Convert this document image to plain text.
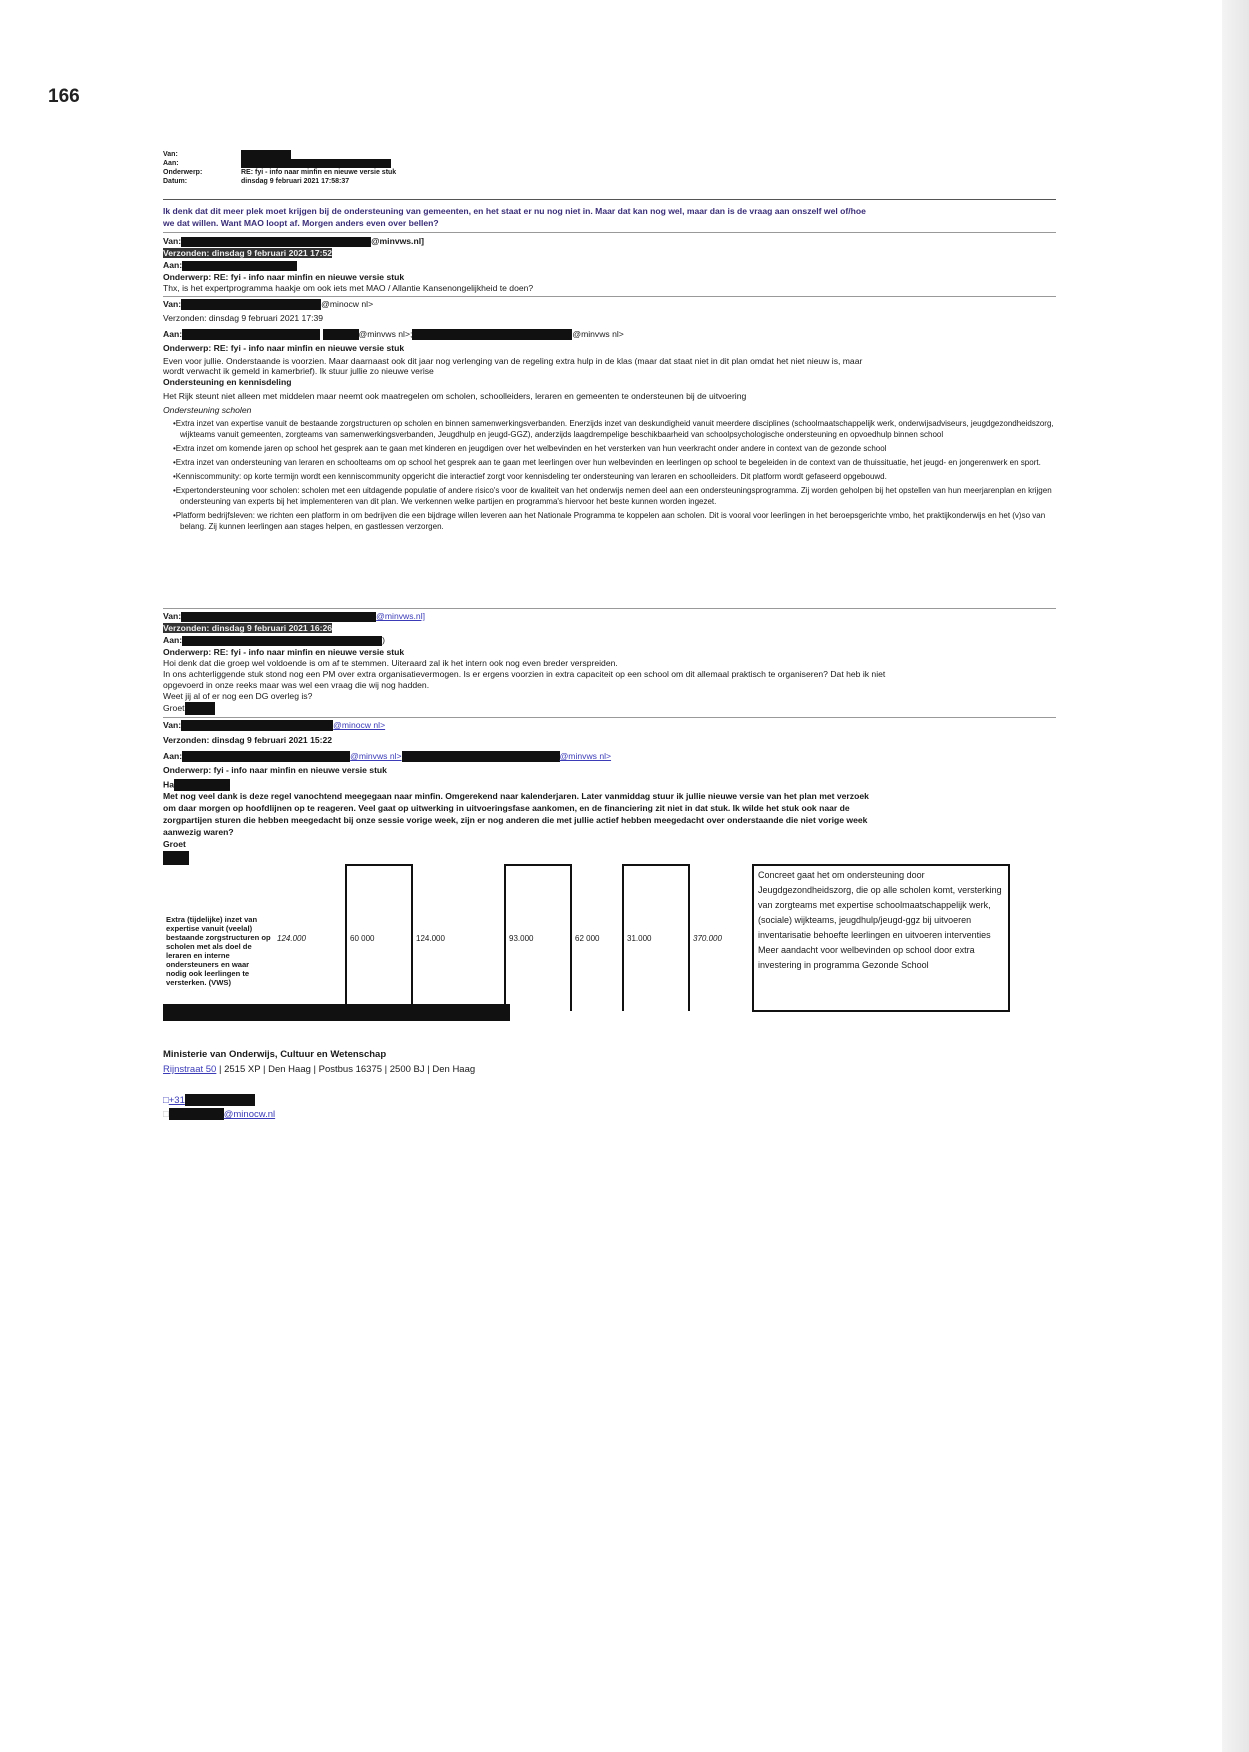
166
Van:
Aan:
Onderwerp:	RE: fyi - info naar minfin en nieuwe versie stuk
Datum:	dinsdag 9 februari 2021 17:58:37
Ik denk dat dit meer plek moet krijgen bij de ondersteuning van gemeenten, en het staat er nu nog niet in. Maar dat kan nog wel, maar dan is de vraag aan onszelf wel of/hoe
we dat willen. Want MAO loopt af. Morgen anders even over bellen?
Van:	@minvws.nl]
Verzonden: dinsdag 9 februari 2021 17:52
Aan:
Onderwerp: RE: fyi - info naar minfin en nieuwe versie stuk
Thx, is het expertprogramma haakje om ook iets met MAO / Allantie Kansenongelijkheid te doen?
Van:	@minocw nl>
Verzonden: dinsdag 9 februari 2021 17:39
Aan:	@minvws nl>;	@minvws nl>
Onderwerp: RE: fyi - info naar minfin en nieuwe versie stuk
Even voor jullie. Onderstaande is voorzien. Maar daarnaast ook dit jaar nog verlenging van de regeling extra hulp in de klas (maar dat staat niet in dit plan omdat het niet nieuw is, maar
wordt verwacht ik gemeld in kamerbrief). Ik stuur jullie zo nieuwe verise
Ondersteuning en kennisdeling
Het Rijk steunt niet alleen met middelen maar neemt ook maatregelen om scholen, schoolleiders, leraren en gemeenten te ondersteunen bij de uitvoering
Ondersteuning scholen
•Extra inzet van expertise vanuit de bestaande zorgstructuren op scholen en binnen samenwerkingsverbanden. Enerzijds inzet van deskundigheid vanuit meerdere disciplines (schoolmaatschappelijk werk, onderwijsadviseurs, jeugdgezondheidszorg, wijkteams vanuit gemeenten, zorgteams van samenwerkingsverbanden, Jeugdhulp en jeugd-GGZ), anderzijds laagdrempelige beschikbaarheid van schoolpsychologische ondersteuning en opvoedhulp binnen school
•Extra inzet om komende jaren op school het gesprek aan te gaan met kinderen en jeugdigen over het welbevinden en het versterken van hun veerkracht onder andere in context van de gezonde school
•Extra inzet van ondersteuning van leraren en schoolteams om op school het gesprek aan te gaan met leerlingen over hun welbevinden en leerlingen op school te begeleiden in de context van de thuissituatie, het jeugd- en jongerenwerk en sport.
•Kenniscommunity: op korte termijn wordt een kenniscommunity opgericht die interactief zorgt voor kennisdeling ter ondersteuning van leraren en schoolleiders. Dit platform wordt gefaseerd opgebouwd.
•Expertondersteuning voor scholen: scholen met een uitdagende populatie of andere risico's voor de kwaliteit van het onderwijs nemen deel aan een ondersteuningsprogramma. Zij worden geholpen bij het opstellen van hun meerjarenplan en krijgen ondersteuning van experts bij het implementeren van dit plan. We verkennen welke partijen en programma's hiervoor het beste kunnen worden ingezet.
•Platform bedrijfsleven: we richten een platform in om bedrijven die een bijdrage willen leveren aan het Nationale Programma te koppelen aan scholen. Dit is vooral voor leerlingen in het beroepsgerichte vmbo, het praktijkonderwijs en het (v)so van belang. Zij kunnen leerlingen aan stages helpen, en gastlessen verzorgen.
Van:	@minvws.nl]
Verzonden: dinsdag 9 februari 2021 16:26
Aan:	)
Onderwerp: RE: fyi - info naar minfin en nieuwe versie stuk
Hoi denk dat die groep wel voldoende is om af te stemmen. Uiteraard zal ik het intern ook nog even breder verspreiden.
In ons achterliggende stuk stond nog een PM over extra organisatievermogen. Is er ergens voorzien in extra capaciteit op een school om dit allemaal praktisch te organiseren? Dat heb ik niet
opgevoerd in onze reeks maar was wel een vraag die wij nog hadden.
Weet jij al of er nog een DG overleg is?
Groet
Van:	@minocw nl>
Verzonden: dinsdag 9 februari 2021 15:22
Aan:	@minvws nl>	@minvws nl>
Onderwerp: fyi - info naar minfin en nieuwe versie stuk
Ha
Met nog veel dank is deze regel vanochtend meegegaan naar minfin. Omgerekend naar kalenderjaren. Later vanmiddag stuur ik jullie nieuwe versie van het plan met verzoek
om daar morgen op hoofdlijnen op te reageren. Veel gaat op uitwerking in uitvoeringsfase aankomen, en de financiering zit niet in dat stuk. Ik wilde het stuk ook naar de
zorgpartijen sturen die hebben meegedacht bij onze sessie vorige week, zijn er nog anderen die met jullie actief hebben meegedacht over onderstaande die niet vorige week
aanwezig waren?
Groet
Extra (tijdelijke) inzet van expertise vanuit (veelal) bestaande zorgstructuren op scholen met als doel de leraren en interne ondersteuners en waar nodig ook leerlingen te versterken. (VWS)	124.000	60 000	124.000	93.000	62 000	31.000	370.000	
Concreet gaat het om ondersteuning door Jeugdgezondheidszorg, die op alle scholen komt, versterking van zorgteams met expertise schoolmaatschappelijk werk, (sociale) wijkteams, jeugdhulp/jeugd-ggz bij uitvoeren inventarisatie behoefte leerlingen en uitvoeren interventies Meer aandacht voor welbevinden op school door extra investering in programma Gezonde School
Ministerie van Onderwijs, Cultuur en Wetenschap
Rijnstraat 50 | 2515 XP | Den Haag | Postbus 16375 | 2500 BJ | Den Haag
□+31
□	@minocw.nl
